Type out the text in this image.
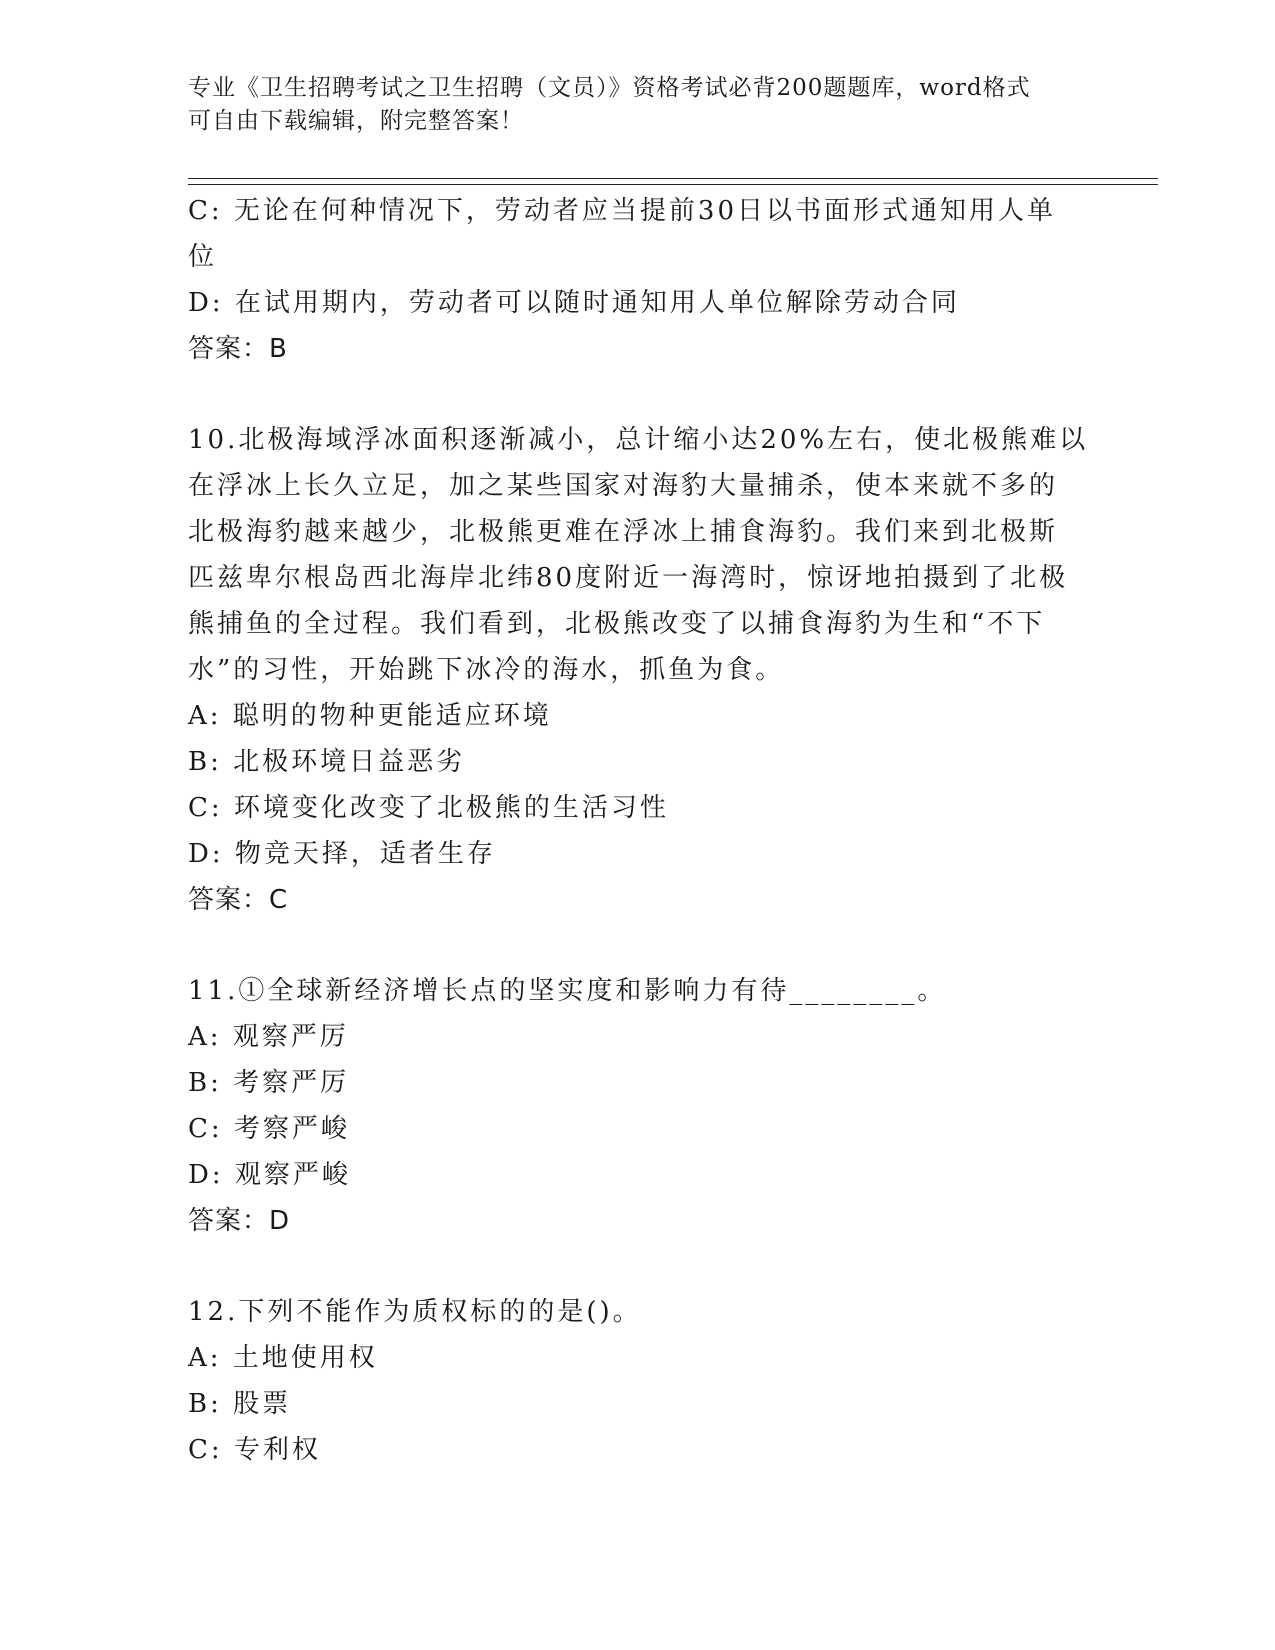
专业《卫生招聘考试之卫生招聘（文员）》资格考试必背200题题库，word格式
可自由下载编辑，附完整答案！
C: 无论在何种情况下，劳动者应当提前30日以书面形式通知用人单
位
D: 在试用期内，劳动者可以随时通知用人单位解除劳动合同
答案：B
10.北极海域浮冰面积逐渐减小，总计缩小达20%左右，使北极熊难以
在浮冰上长久立足，加之某些国家对海豹大量捕杀，使本来就不多的
北极海豹越来越少，北极熊更难在浮冰上捕食海豹。我们来到北极斯
匹兹卑尔根岛西北海岸北纬80度附近一海湾时，惊讶地拍摄到了北极
熊捕鱼的全过程。我们看到，北极熊改变了以捕食海豹为生和“不下
水”的习性，开始跳下冰冷的海水，抓鱼为食。
A: 聪明的物种更能适应环境
B: 北极环境日益恶劣
C: 环境变化改变了北极熊的生活习性
D: 物竞天择，适者生存
答案：C
11.①全球新经济增长点的坚实度和影响力有待________。
A: 观察严厉
B: 考察严厉
C: 考察严峻
D: 观察严峻
答案：D
12.下列不能作为质权标的的是()。
A: 土地使用权
B: 股票
C: 专利权
